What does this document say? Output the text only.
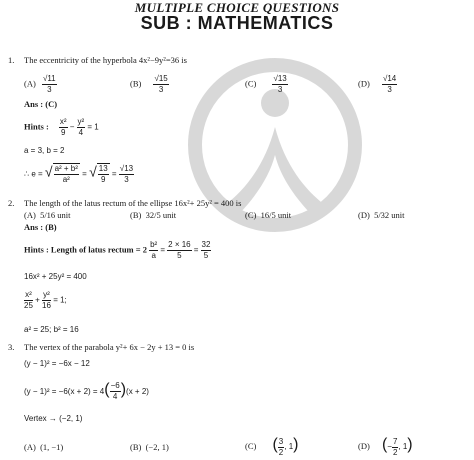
MULTIPLE CHOICE QUESTIONS
SUB : MATHEMATICS
1. The eccentricity of the hyperbola 4x²−9y²=36 is
$(A) \frac{√11}{3}$	$(B) \frac{√15}{3}$	$(C) \frac{√13}{3}$	$(D) \frac{√14}{3}$
Ans : (C)
Hints : $\frac{\text{x²}}{9} - \frac{\text{y²}}{4} = 1$
a = 3, b = 2
∴ e = √ $\frac{\text{a² + b²}}{\text{a²}}$ = √ $\frac{13}{9} = \frac{√13}{3}$
2. The length of the latus rectum of the ellipse 16x²+ 25y² = 400 is
(A) 5/16 unit	(B) 32/5 unit	(C) 16/5 unit	(D) 5/32 unit
Ans : (B)
Hints : Length of latus rectum = $2 \frac{\text{b²}}{a} = \frac{2 \times 16}{5} = \frac{32}{5}$
16x² + 25y² = 400
$\frac{\text{x²}}{25} + \frac{\text{y²}}{16} = 1$;
a² = 25; b² = 16
3. The vertex of the parabola y²+ 6x − 2y + 13 = 0 is
(y − 1)² = −6x − 12
$(y - 1)^2 = -6(x + 2) = 4( \frac{-6}{4} )(x + 2)$
Vertex → (−2, 1)
(A) (1, −1)	(B) (−2, 1)	(C) ( $\frac{3}{2}$ , 1)	(D) (− $\frac{7}{2}$ , 1)
